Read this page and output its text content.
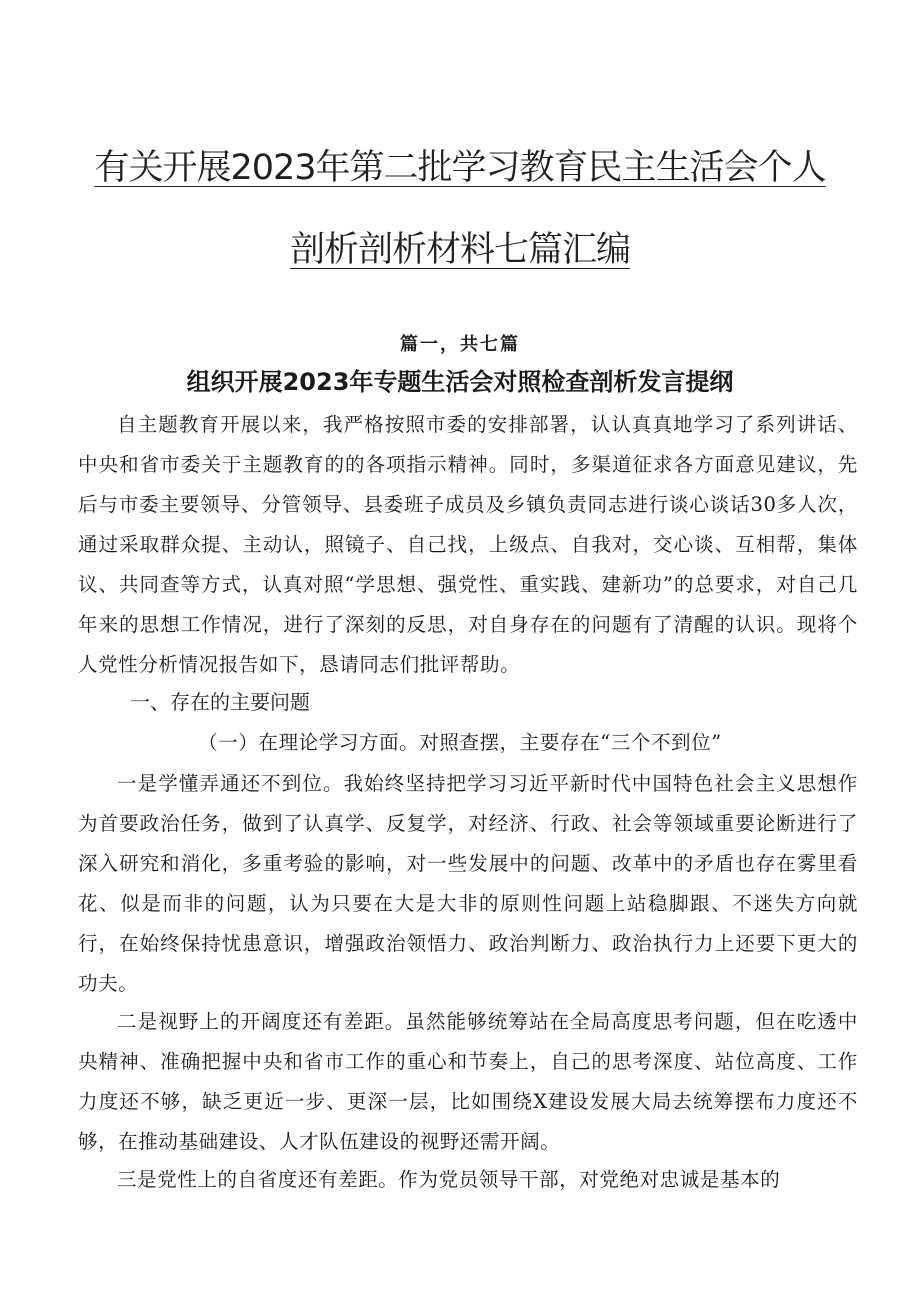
有关开展2023年第二批学习教育民主生活会个人
剖析剖析材料七篇汇编
篇一，共七篇
组织开展2023年专题生活会对照检查剖析发言提纲

自主题教育开展以来，我严格按照市委的安排部署，认认真真地学习了系列讲话、中央和省市委关于主题教育的的各项指示精神。同时，多渠道征求各方面意见建议，先后与市委主要领导、分管领导、县委班子成员及乡镇负责同志进行谈心谈话30多人次，通过采取群众提、主动认，照镜子、自己找，上级点、自我对，交心谈、互相帮，集体议、共同查等方式，认真对照“学思想、强党性、重实践、建新功”的总要求，对自己几年来的思想工作情况，进行了深刻的反思，对自身存在的问题有了清醒的认识。现将个人党性分析情况报告如下，恳请同志们批评帮助。

一、存在的主要问题
（一）在理论学习方面。对照查摆，主要存在“三个不到位”

一是学懂弄通还不到位。我始终坚持把学习习近平新时代中国特色社会主义思想作为首要政治任务，做到了认真学、反复学，对经济、行政、社会等领域重要论断进行了深入研究和消化，多重考验的影响，对一些发展中的问题、改革中的矛盾也存在雾里看花、似是而非的问题，认为只要在大是大非的原则性问题上站稳脚跟、不迷失方向就行，在始终保持忧患意识，增强政治领悟力、政治判断力、政治执行力上还要下更大的功夫。

二是视野上的开阔度还有差距。虽然能够统筹站在全局高度思考问题，但在吃透中央精神、准确把握中央和省市工作的重心和节奏上，自己的思考深度、站位高度、工作力度还不够，缺乏更近一步、更深一层，比如围绕X建设发展大局去统筹摆布力度还不够，在推动基础建设、人才队伍建设的视野还需开阔。

三是党性上的自省度还有差距。作为党员领导干部，对党绝对忠诚是基本的
